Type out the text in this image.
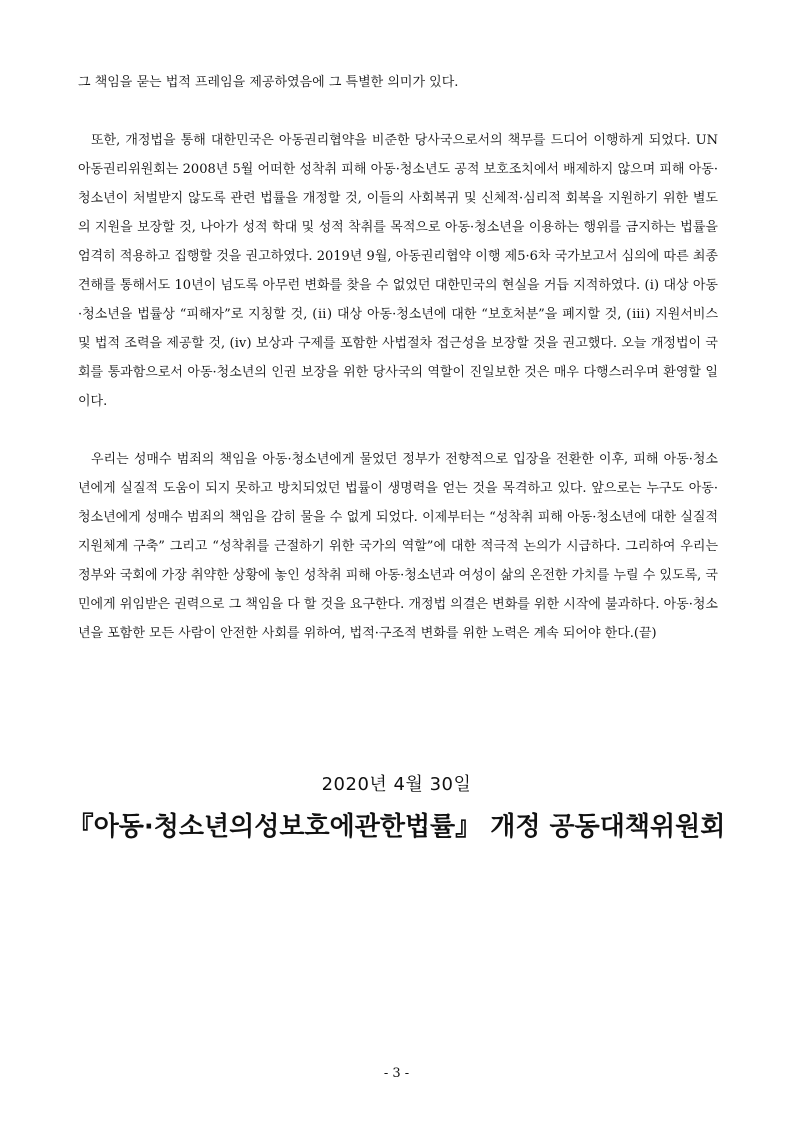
그 책임을 묻는 법적 프레임을 제공하였음에 그 특별한 의미가 있다.

또한, 개정법을 통해 대한민국은 아동권리협약을 비준한 당사국으로서의 책무를 드디어 이행하게 되었다. UN아동권리위원회는 2008년 5월 어떠한 성착취 피해 아동·청소년도 공적 보호조치에서 배제하지 않으며 피해 아동·청소년이 처벌받지 않도록 관련 법률을 개정할 것, 이들의 사회복귀 및 신체적·심리적 회복을 지원하기 위한 별도의 지원을 보장할 것, 나아가 성적 학대 및 성적 착취를 목적으로 아동·청소년을 이용하는 행위를 금지하는 법률을 엄격히 적용하고 집행할 것을 권고하였다. 2019년 9월, 아동권리협약 이행 제5·6차 국가보고서 심의에 따른 최종 견해를 통해서도 10년이 넘도록 아무런 변화를 찾을 수 없었던 대한민국의 현실을 거듭 지적하였다. (ⅰ) 대상 아동·청소년을 법률상 “피해자”로 지칭할 것, (ⅱ) 대상 아동·청소년에 대한 “보호처분”을 폐지할 것, (ⅲ) 지원서비스 및 법적 조력을 제공할 것, (ⅳ) 보상과 구제를 포함한 사법절차 접근성을 보장할 것을 권고했다. 오늘 개정법이 국회를 통과함으로서 아동·청소년의 인권 보장을 위한 당사국의 역할이 진일보한 것은 매우 다행스러우며 환영할 일이다.

우리는 성매수 범죄의 책임을 아동·청소년에게 물었던 정부가 전향적으로 입장을 전환한 이후, 피해 아동·청소년에게 실질적 도움이 되지 못하고 방치되었던 법률이 생명력을 얻는 것을 목격하고 있다. 앞으로는 누구도 아동·청소년에게 성매수 범죄의 책임을 감히 물을 수 없게 되었다. 이제부터는 “성착취 피해 아동·청소년에 대한 실질적 지원체계 구축” 그리고 “성착취를 근절하기 위한 국가의 역할”에 대한 적극적 논의가 시급하다. 그리하여 우리는 정부와 국회에 가장 취약한 상황에 놓인 성착취 피해 아동·청소년과 여성이 삶의 온전한 가치를 누릴 수 있도록, 국민에게 위임받은 권력으로 그 책임을 다 할 것을 요구한다. 개정법 의결은 변화를 위한 시작에 불과하다. 아동·청소년을 포함한 모든 사람이 안전한 사회를 위하여, 법적·구조적 변화를 위한 노력은 계속 되어야 한다.(끝)

2020년 4월 30일
『아동·청소년의성보호에관한법률』 개정 공동대책위원회
- 3 -
